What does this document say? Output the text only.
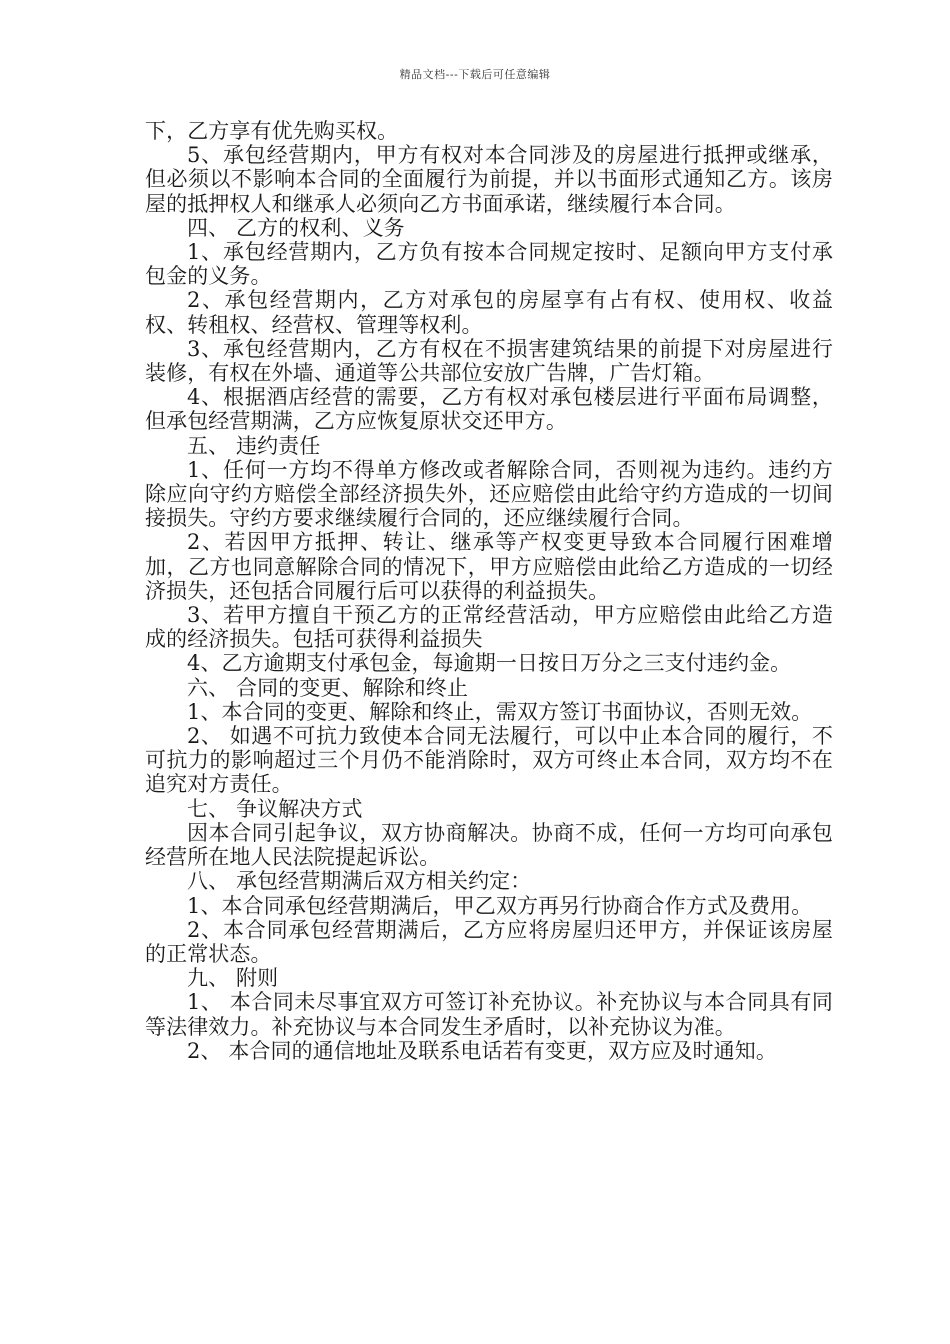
精品文档---下载后可任意编辑

下，乙方享有优先购买权。

5、承包经营期内，甲方有权对本合同涉及的房屋进行抵押或继承，但必须以不影响本合同的全面履行为前提，并以书面形式通知乙方。该房屋的抵押权人和继承人必须向乙方书面承诺，继续履行本合同。

四、 乙方的权利、义务

1、承包经营期内，乙方负有按本合同规定按时、足额向甲方支付承包金的义务。

2、承包经营期内，乙方对承包的房屋享有占有权、使用权、收益权、转租权、经营权、管理等权利。

3、承包经营期内，乙方有权在不损害建筑结果的前提下对房屋进行装修，有权在外墙、通道等公共部位安放广告牌，广告灯箱。

4、根据酒店经营的需要，乙方有权对承包楼层进行平面布局调整，但承包经营期满，乙方应恢复原状交还甲方。

五、 违约责任

1、任何一方均不得单方修改或者解除合同，否则视为违约。违约方除应向守约方赔偿全部经济损失外，还应赔偿由此给守约方造成的一切间接损失。守约方要求继续履行合同的，还应继续履行合同。

2、若因甲方抵押、转让、继承等产权变更导致本合同履行困难增加，乙方也同意解除合同的情况下，甲方应赔偿由此给乙方造成的一切经济损失，还包括合同履行后可以获得的利益损失。

3、若甲方擅自干预乙方的正常经营活动，甲方应赔偿由此给乙方造成的经济损失。包括可获得利益损失

4、乙方逾期支付承包金，每逾期一日按日万分之三支付违约金。

六、 合同的变更、解除和终止

1、本合同的变更、解除和终止，需双方签订书面协议，否则无效。

2、 如遇不可抗力致使本合同无法履行，可以中止本合同的履行，不可抗力的影响超过三个月仍不能消除时，双方可终止本合同，双方均不在追究对方责任。

七、 争议解决方式

因本合同引起争议，双方协商解决。协商不成，任何一方均可向承包经营所在地人民法院提起诉讼。

八、 承包经营期满后双方相关约定：

1、本合同承包经营期满后，甲乙双方再另行协商合作方式及费用。

2、本合同承包经营期满后，乙方应将房屋归还甲方，并保证该房屋的正常状态。

九、 附则

1、 本合同未尽事宜双方可签订补充协议。补充协议与本合同具有同等法律效力。补充协议与本合同发生矛盾时，以补充协议为准。

2、 本合同的通信地址及联系电话若有变更，双方应及时通知。
